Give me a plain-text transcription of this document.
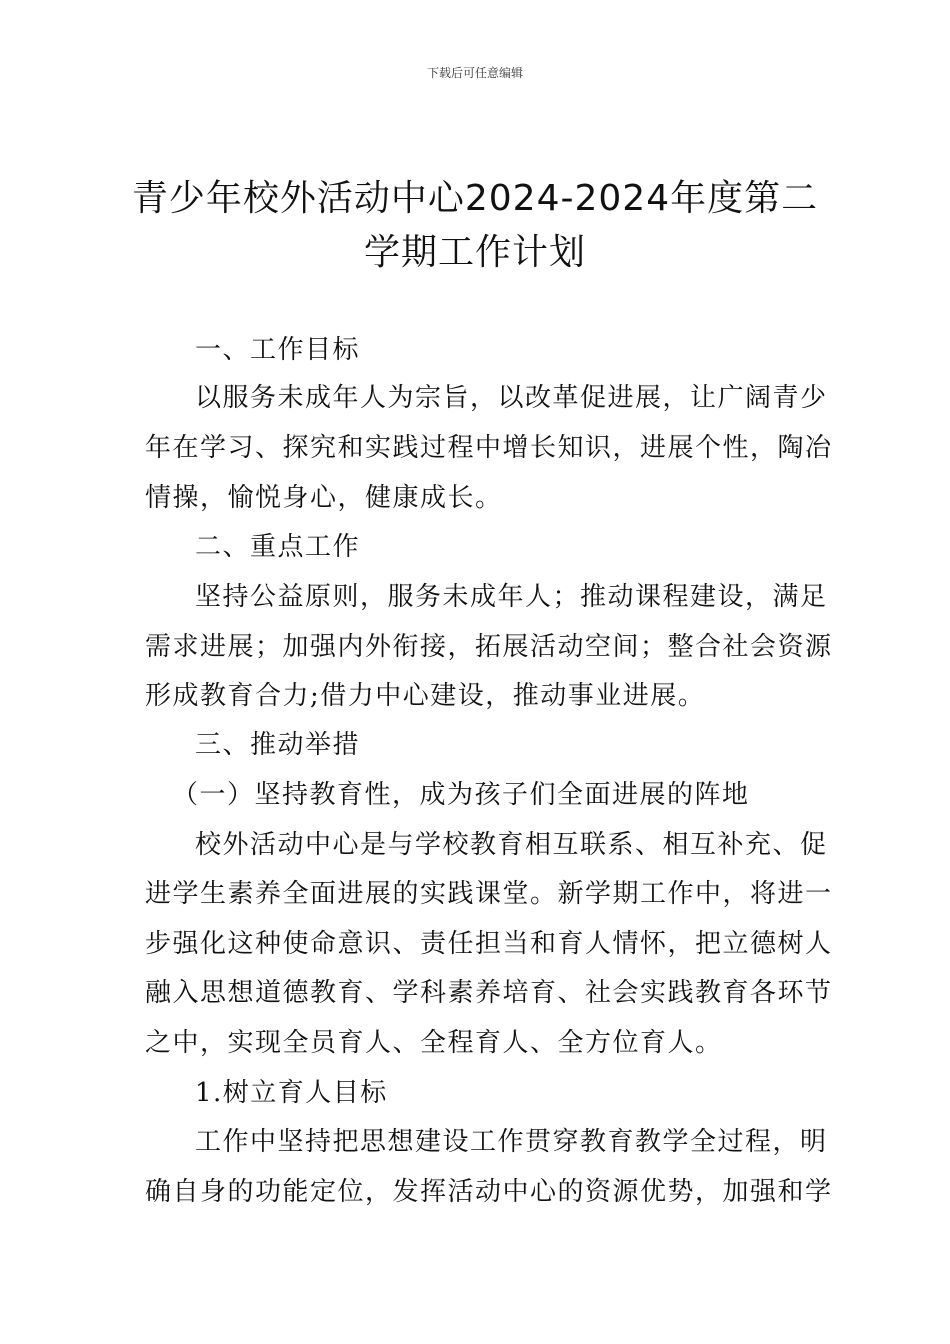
下载后可任意编辑
青少年校外活动中心2024-2024年度第二
学期工作计划
一、工作目标
以服务未成年人为宗旨，以改革促进展，让广阔青少
年在学习、探究和实践过程中增长知识，进展个性，陶冶
情操，愉悦身心，健康成长。
二、重点工作
坚持公益原则，服务未成年人；推动课程建设，满足
需求进展；加强内外衔接，拓展活动空间；整合社会资源
形成教育合力;借力中心建设，推动事业进展。
三、推动举措
（一）坚持教育性，成为孩子们全面进展的阵地
校外活动中心是与学校教育相互联系、相互补充、促
进学生素养全面进展的实践课堂。新学期工作中，将进一
步强化这种使命意识、责任担当和育人情怀，把立德树人
融入思想道德教育、学科素养培育、社会实践教育各环节
之中，实现全员育人、全程育人、全方位育人。
1.树立育人目标
工作中坚持把思想建设工作贯穿教育教学全过程，明
确自身的功能定位，发挥活动中心的资源优势，加强和学
